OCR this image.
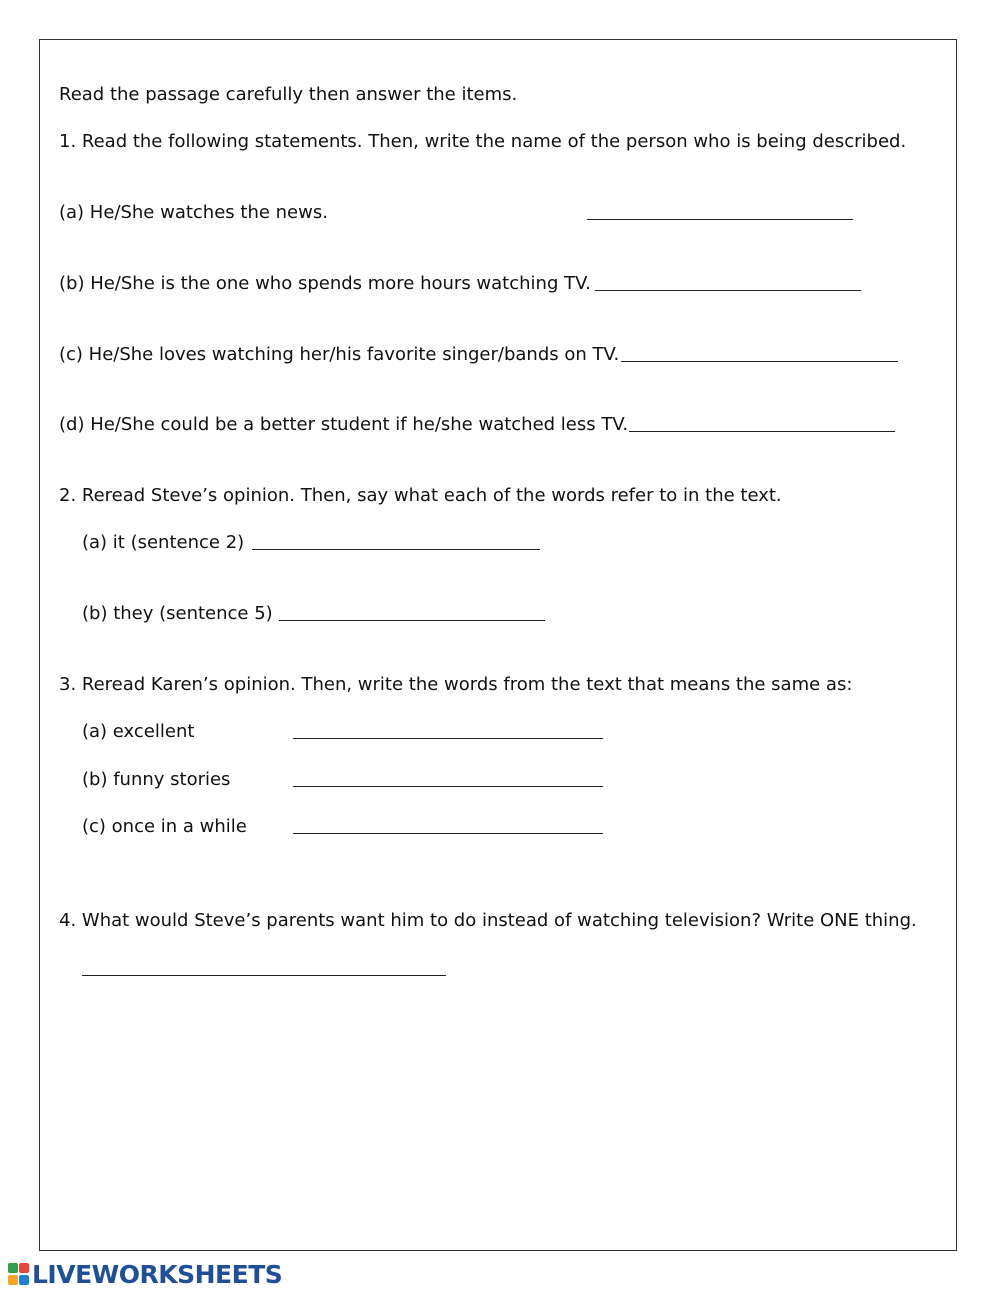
Read the passage carefully then answer the items.
1. Read the following statements. Then, write the name of the person who is being described.
(a) He/She watches the news.
(b) He/She is the one who spends more hours watching TV.
(c) He/She loves watching her/his favorite singer/bands on TV.
(d) He/She could be a better student if he/she watched less TV.
2. Reread Steve’s opinion. Then, say what each of the words refer to in the text.
(a) it (sentence 2)
(b) they (sentence 5)
3. Reread Karen’s opinion. Then, write the words from the text that means the same as:
(a) excellent
(b) funny stories
(c) once in a while
4. What would Steve’s parents want him to do instead of watching television? Write ONE thing.
LIVEWORKSHEETS
